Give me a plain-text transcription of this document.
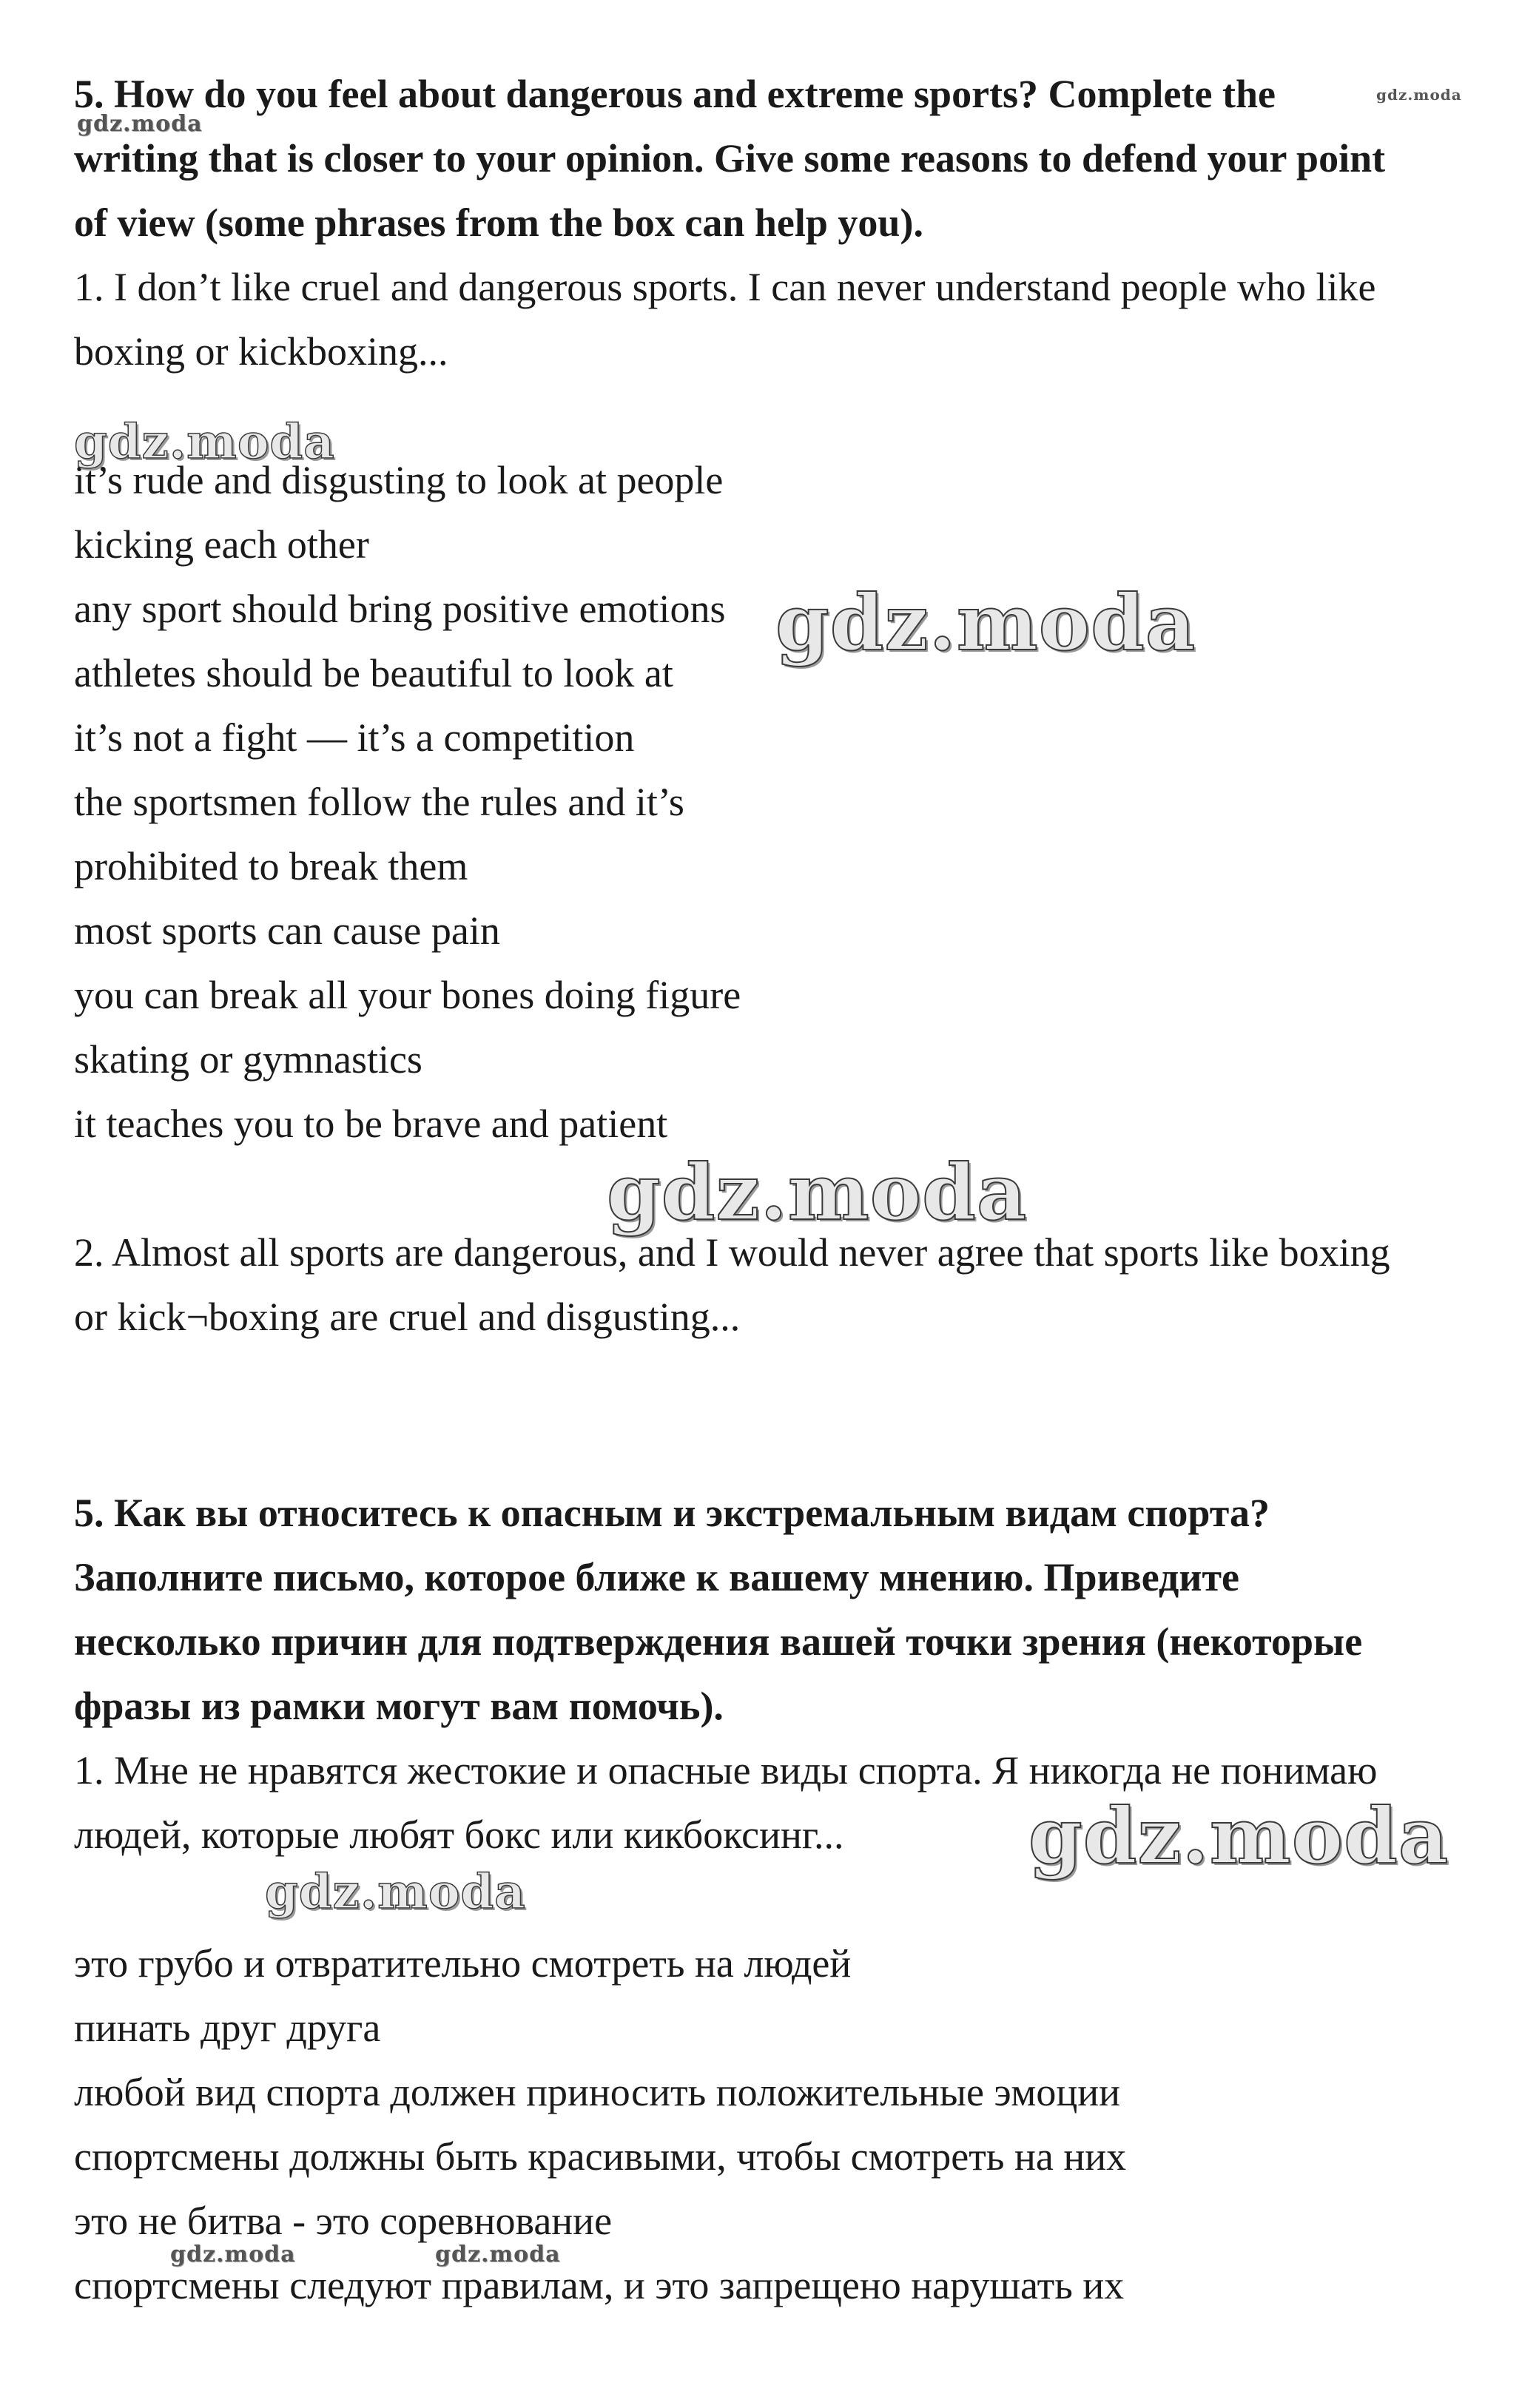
5. How do you feel about dangerous and extreme sports? Complete the
writing that is closer to your opinion. Give some reasons to defend your point
of view (some phrases from the box can help you).
1. I don’t like cruel and dangerous sports. I can never understand people who like
boxing or kickboxing...
it’s rude and disgusting to look at people
kicking each other
any sport should bring positive emotions
athletes should be beautiful to look at
it’s not a fight — it’s a competition
the sportsmen follow the rules and it’s
prohibited to break them
most sports can cause pain
you can break all your bones doing figure
skating or gymnastics
it teaches you to be brave and patient
2. Almost all sports are dangerous, and I would never agree that sports like boxing
or kick¬boxing are cruel and disgusting...
5. Как вы относитесь к опасным и экстремальным видам спорта?
Заполните письмо, которое ближе к вашему мнению. Приведите
несколько причин для подтверждения вашей точки зрения (некоторые
фразы из рамки могут вам помочь).
1. Мне не нравятся жестокие и опасные виды спорта. Я никогда не понимаю
людей, которые любят бокс или кикбоксинг...
это грубо и отвратительно смотреть на людей
пинать друг друга
любой вид спорта должен приносить положительные эмоции
спортсмены должны быть красивыми, чтобы смотреть на них
это не битва - это соревнование
спортсмены следуют правилам, и это запрещено нарушать их
gdz.moda
gdz.moda
gdz.moda
gdz.moda
gdz.moda
gdz.moda
gdz.moda
gdz.moda	gdz.moda
